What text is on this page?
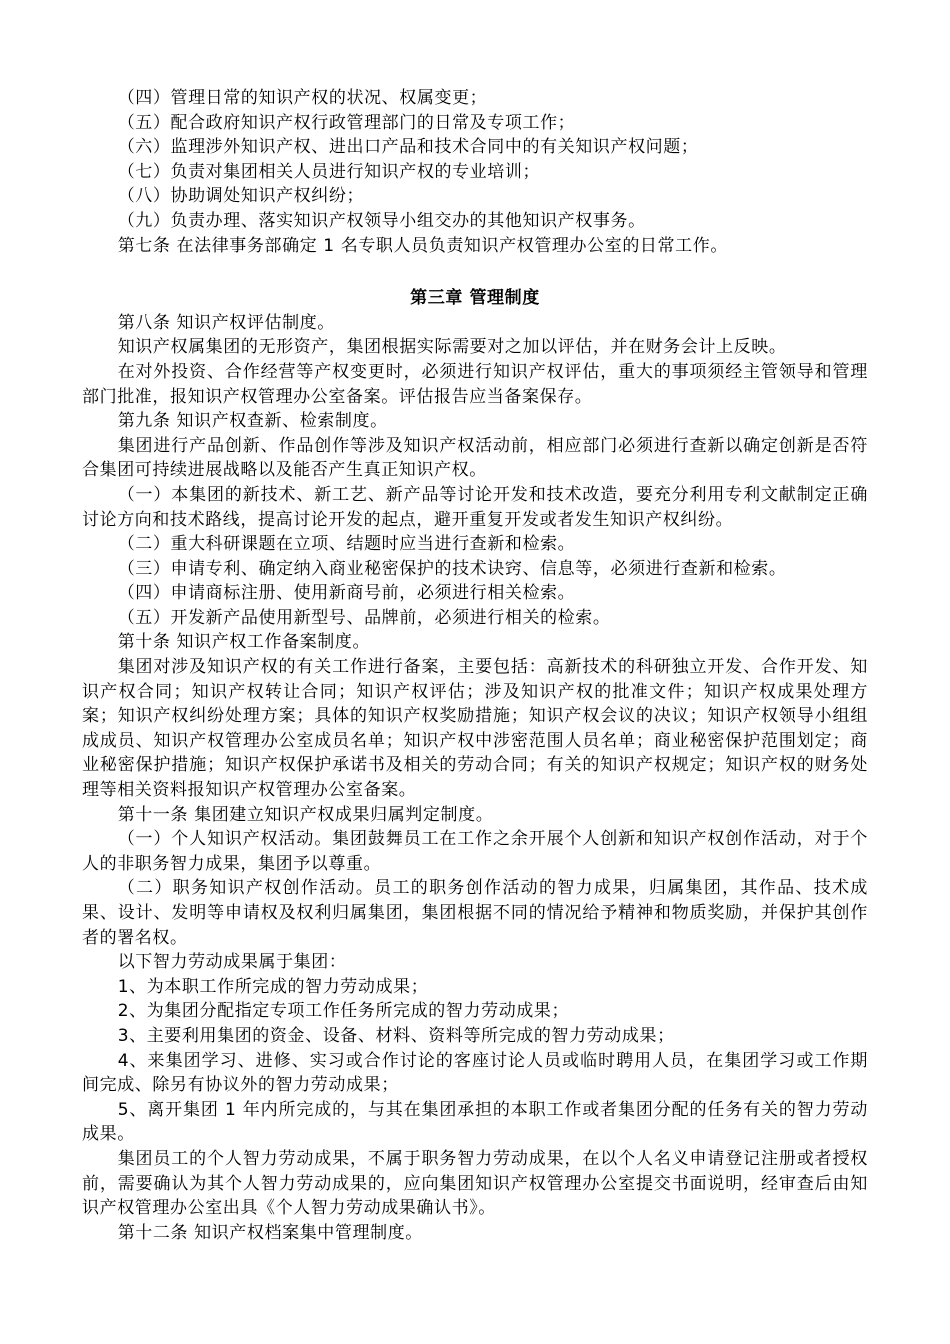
（四）管理日常的知识产权的状况、权属变更；

（五）配合政府知识产权行政管理部门的日常及专项工作；

（六）监理涉外知识产权、进出口产品和技术合同中的有关知识产权问题；

（七）负责对集团相关人员进行知识产权的专业培训；

（八）协助调处知识产权纠纷；

（九）负责办理、落实知识产权领导小组交办的其他知识产权事务。

第七条 在法律事务部确定 1 名专职人员负责知识产权管理办公室的日常工作。

第三章 管理制度

第八条 知识产权评估制度。

知识产权属集团的无形资产，集团根据实际需要对之加以评估，并在财务会计上反映。

在对外投资、合作经营等产权变更时，必须进行知识产权评估，重大的事项须经主管领导和管理部门批准，报知识产权管理办公室备案。评估报告应当备案保存。

第九条 知识产权查新、检索制度。

集团进行产品创新、作品创作等涉及知识产权活动前，相应部门必须进行查新以确定创新是否符合集团可持续进展战略以及能否产生真正知识产权。

（一）本集团的新技术、新工艺、新产品等讨论开发和技术改造，要充分利用专利文献制定正确讨论方向和技术路线，提高讨论开发的起点，避开重复开发或者发生知识产权纠纷。

（二）重大科研课题在立项、结题时应当进行查新和检索。

（三）申请专利、确定纳入商业秘密保护的技术诀窍、信息等，必须进行查新和检索。

（四）申请商标注册、使用新商号前，必须进行相关检索。

（五）开发新产品使用新型号、品牌前，必须进行相关的检索。

第十条 知识产权工作备案制度。

集团对涉及知识产权的有关工作进行备案，主要包括：高新技术的科研独立开发、合作开发、知识产权合同；知识产权转让合同；知识产权评估；涉及知识产权的批准文件；知识产权成果处理方案；知识产权纠纷处理方案；具体的知识产权奖励措施；知识产权会议的决议；知识产权领导小组组成成员、知识产权管理办公室成员名单；知识产权中涉密范围人员名单；商业秘密保护范围划定；商业秘密保护措施；知识产权保护承诺书及相关的劳动合同；有关的知识产权规定；知识产权的财务处理等相关资料报知识产权管理办公室备案。

第十一条 集团建立知识产权成果归属判定制度。

（一）个人知识产权活动。集团鼓舞员工在工作之余开展个人创新和知识产权创作活动，对于个人的非职务智力成果，集团予以尊重。

（二）职务知识产权创作活动。员工的职务创作活动的智力成果，归属集团，其作品、技术成果、设计、发明等申请权及权利归属集团，集团根据不同的情况给予精神和物质奖励，并保护其创作者的署名权。

以下智力劳动成果属于集团：

1、为本职工作所完成的智力劳动成果；

2、为集团分配指定专项工作任务所完成的智力劳动成果；

3、主要利用集团的资金、设备、材料、资料等所完成的智力劳动成果；

4、来集团学习、进修、实习或合作讨论的客座讨论人员或临时聘用人员，在集团学习或工作期间完成、除另有协议外的智力劳动成果；

5、离开集团 1 年内所完成的，与其在集团承担的本职工作或者集团分配的任务有关的智力劳动成果。

集团员工的个人智力劳动成果，不属于职务智力劳动成果，在以个人名义申请登记注册或者授权前，需要确认为其个人智力劳动成果的，应向集团知识产权管理办公室提交书面说明，经审查后由知识产权管理办公室出具《个人智力劳动成果确认书》。

第十二条 知识产权档案集中管理制度。
